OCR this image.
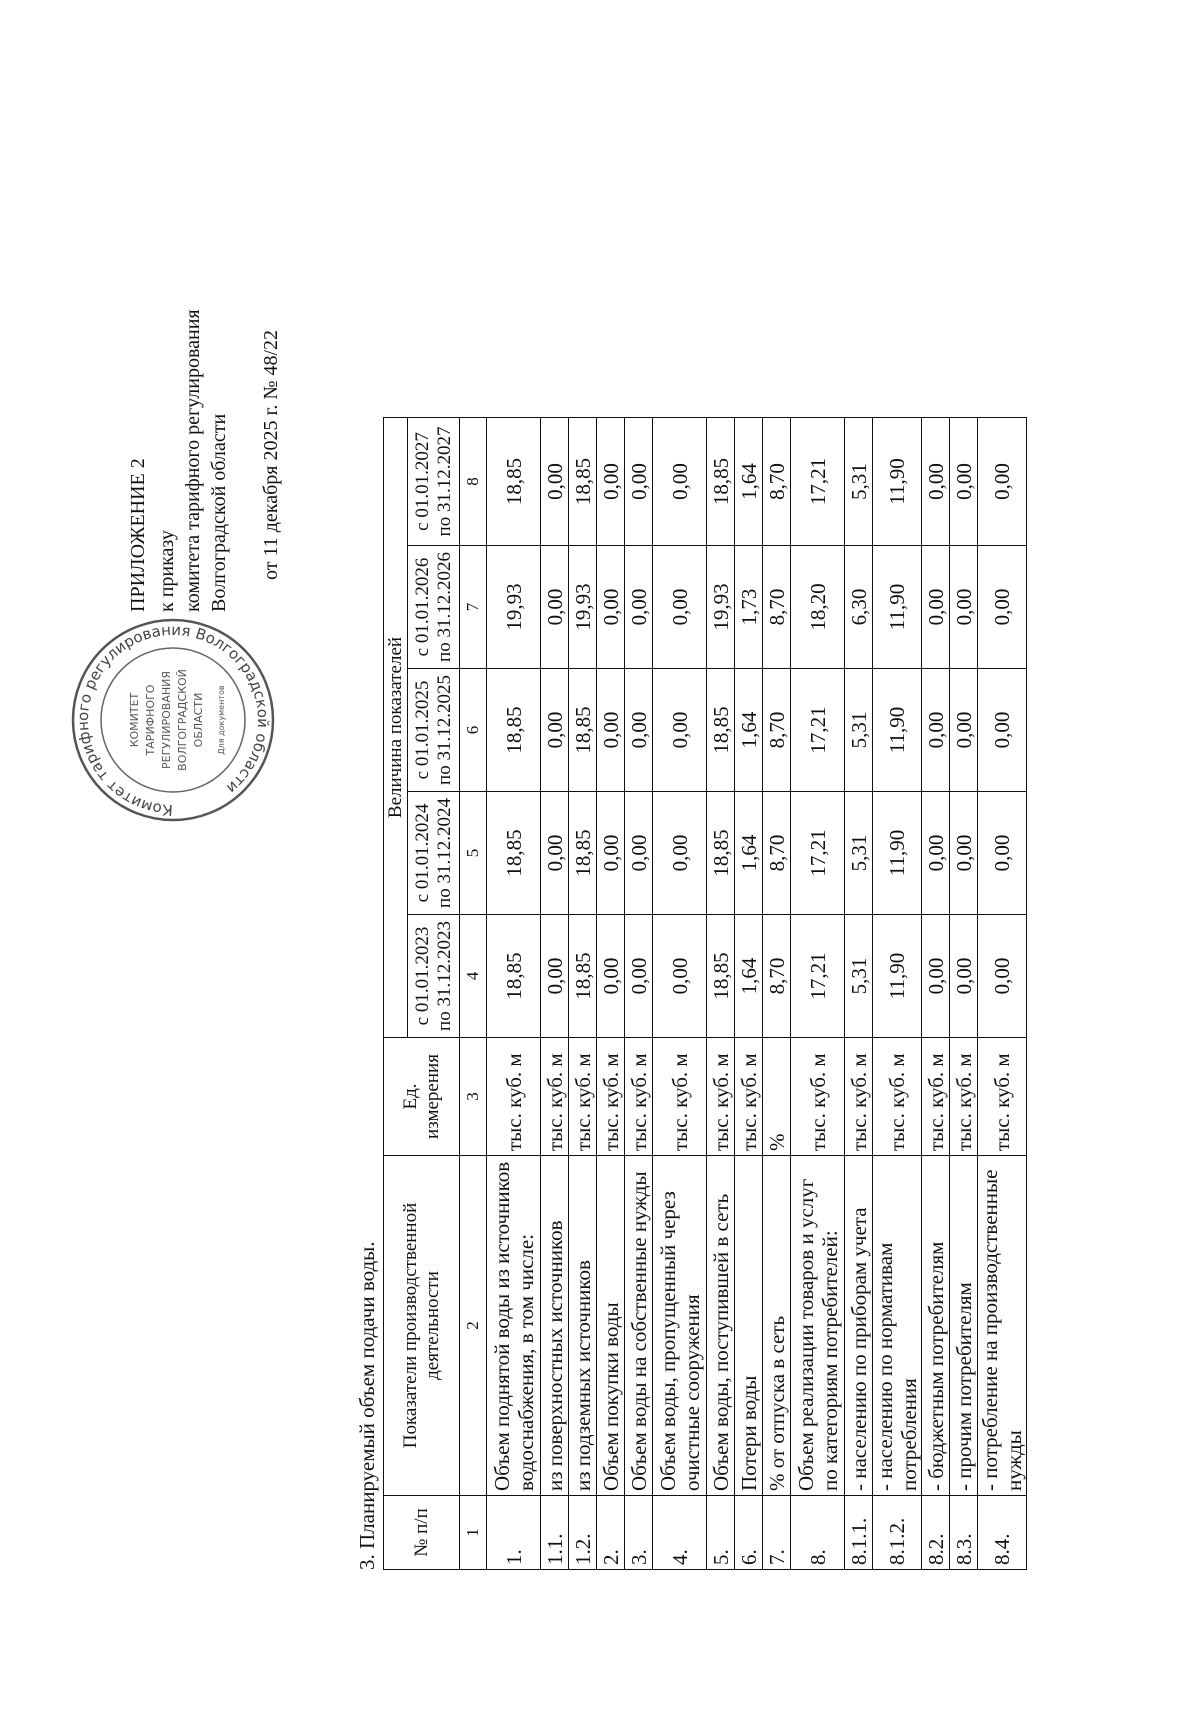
ПРИЛОЖЕНИЕ 2 к приказу комитета тарифного регулирования Волгоградской области от 11 декабря 2025 г. № 48/22
Комитет тарифного регулирования Волгоградской области
КОМИТЕТ ТАРИФНОГО РЕГУЛИРОВАНИЯ ВОЛГОГРАДСКОЙ ОБЛАСТИ Для документов
3. Планируемый объем подачи воды. № п/п	Показатели производственной деятельности	Ед. измерения	Величина показателей				
			с 01.01.2023 по 31.12.2023	с 01.01.2024 по 31.12.2024	с 01.01.2025 по 31.12.2025	с 01.01.2026 по 31.12.2026	с 01.01.2027 по 31.12.2027
1	2	3	4	5	6	7	8
1.	Объем поднятой воды из источников водоснабжения, в том числе:	тыс. куб. м	18,85	18,85	18,85	19,93	18,85
1.1.	из поверхностных источников	тыс. куб. м	0,00	0,00	0,00	0,00	0,00
1.2.	из подземных источников	тыс. куб. м	18,85	18,85	18,85	19,93	18,85
2.	Объем покупки воды	тыс. куб. м	0,00	0,00	0,00	0,00	0,00
3.	Объем воды на собственные нужды	тыс. куб. м	0,00	0,00	0,00	0,00	0,00
4.	Объем воды, пропущенный через очистные сооружения	тыс. куб. м	0,00	0,00	0,00	0,00	0,00
5.	Объем воды, поступившей в сеть	тыс. куб. м	18,85	18,85	18,85	19,93	18,85
6.	Потери воды	тыс. куб. м	1,64	1,64	1,64	1,73	1,64
7.	% от отпуска в сеть	%	8,70	8,70	8,70	8,70	8,70
8.	Объем реализации товаров и услуг по категориям потребителей:	тыс. куб. м	17,21	17,21	17,21	18,20	17,21
8.1.1.	- населению по приборам учета	тыс. куб. м	5,31	5,31	5,31	6,30	5,31
8.1.2.	- населению по нормативам потребления	тыс. куб. м	11,90	11,90	11,90	11,90	11,90
8.2.	- бюджетным потребителям	тыс. куб. м	0,00	0,00	0,00	0,00	0,00
8.3.	- прочим потребителям	тыс. куб. м	0,00	0,00	0,00	0,00	0,00
8.4.	- потребление на производственные нужды	тыс. куб. м	0,00	0,00	0,00	0,00	0,00
